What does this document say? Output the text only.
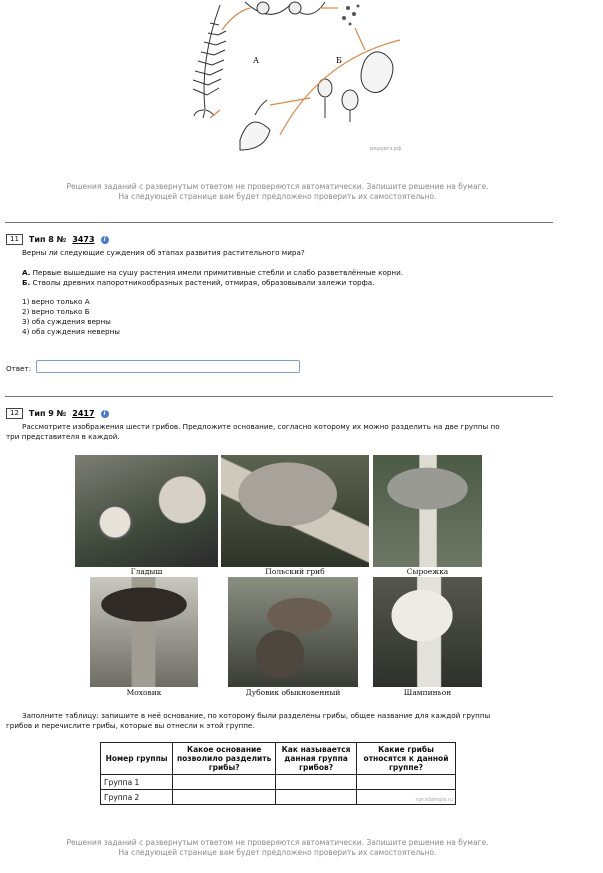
А	Б
решуегэ.рф
Решения заданий с развернутым ответом не проверяются автоматически. Запишите решение на бумаге.
На следующей странице вам будет предложено проверить их самостоятельно.
11	Тип 8 № 3473	i
Верны ли следующие суждения об этапах развития растительного мира?
А. Первые вышедшие на сушу растения имели примитивные стебли и слабо разветвлённые корни.
Б. Стволы древних папоротникообразных растений, отмирая, образовывали залежи торфа.
1) верно только А
2) верно только Б
3) оба суждения верны
4) оба суждения неверны
Ответ:
12	Тип 9 № 2417	i
Рассмотрите изображения шести грибов. Предложите основание, согласно которому их можно разделить на две группы по
три представителя в каждой.
Гладыш	Польский гриб	Сыроежка
Моховик	Дубовик обыкновенный	Шампиньон
Заполните таблицу: запишите в неё основание, по которому были разделены грибы, общее название для каждой группы
грибов и перечислите грибы, которые вы отнесли к этой группе.
Номер группы	Какое основание позволило разделить грибы?	Как называется данная группа грибов?	Какие грибы относятся к данной группе?
Группа 1			
Группа 2			vpr.sdamgia.ru
Решения заданий с развернутым ответом не проверяются автоматически. Запишите решение на бумаге.
На следующей странице вам будет предложено проверить их самостоятельно.
